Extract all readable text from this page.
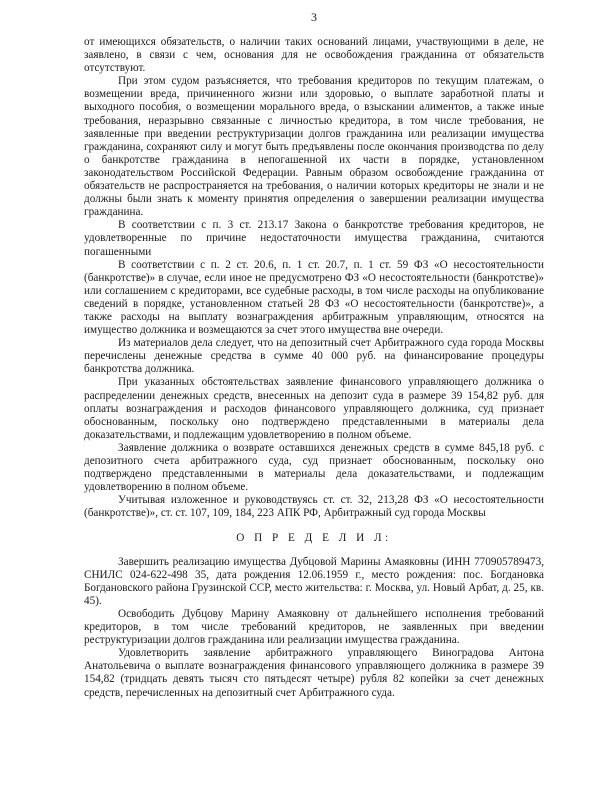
3

от имеющихся обязательств, о наличии таких оснований лицами, участвующими в деле, не заявлено, в связи с чем, основания для не освобождения гражданина от обязательств отсутствуют.

При этом судом разъясняется, что требования кредиторов по текущим платежам, о возмещении вреда, причиненного жизни или здоровью, о выплате заработной платы и выходного пособия, о возмещении морального вреда, о взыскании алиментов, а также иные требования, неразрывно связанные с личностью кредитора, в том числе требования, не заявленные при введении реструктуризации долгов гражданина или реализации имущества гражданина, сохраняют силу и могут быть предъявлены после окончания производства по делу о банкротстве гражданина в непогашенной их части в порядке, установленном законодательством Российской Федерации. Равным образом освобождение гражданина от обязательств не распространяется на требования, о наличии которых кредиторы не знали и не должны были знать к моменту принятия определения о завершении реализации имущества гражданина.

В соответствии с п. 3 ст. 213.17 Закона о банкротстве требования кредиторов, не удовлетворенные по причине недостаточности имущества гражданина, считаются погашенными

В соответствии с п. 2 ст. 20.6, п. 1 ст. 20.7, п. 1 ст. 59 ФЗ «О несостоятельности (банкротстве)» в случае, если иное не предусмотрено ФЗ «О несостоятельности (банкротстве)» или соглашением с кредиторами, все судебные расходы, в том числе расходы на опубликование сведений в порядке, установленном статьей 28 ФЗ «О несостоятельности (банкротстве)», а также расходы на выплату вознаграждения арбитражным управляющим, относятся на имущество должника и возмещаются за счет этого имущества вне очереди.

Из материалов дела следует, что на депозитный счет Арбитражного суда города Москвы перечислены денежные средства в сумме 40 000 руб. на финансирование процедуры банкротства должника.

При указанных обстоятельствах заявление финансового управляющего должника о распределении денежных средств, внесенных на депозит суда в размере 39 154,82 руб. для оплаты вознаграждения и расходов финансового управляющего должника, суд признает обоснованным, поскольку оно подтверждено представленными в материалы дела доказательствами, и подлежащим удовлетворению в полном объеме.

Заявление должника о возврате оставшихся денежных средств в сумме 845,18 руб. с депозитного счета арбитражного суда, суд признает обоснованным, поскольку оно подтверждено представленными в материалы дела доказательствами, и подлежащим удовлетворению в полном объеме.

Учитывая изложенное и руководствуясь ст. ст. 32, 213,28 ФЗ «О несостоятельности (банкротстве)», ст. ст. 107, 109, 184, 223 АПК РФ, Арбитражный суд города Москвы

О П Р Е Д Е Л И Л:

Завершить реализацию имущества Дубцовой Марины Амаяковны (ИНН 770905789473, СНИЛС 024-622-498 35, дата рождения 12.06.1959 г., место рождения: пос. Богдановка Богдановского района Грузинской ССР, место жительства: г. Москва, ул. Новый Арбат, д. 25, кв. 45).

Освободить Дубцову Марину Амаяковну от дальнейшего исполнения требований кредиторов, в том числе требований кредиторов, не заявленных при введении реструктуризации долгов гражданина или реализации имущества гражданина.

Удовлетворить заявление арбитражного управляющего Виноградова Антона Анатольевича о выплате вознаграждения финансового управляющего должника в размере 39 154,82 (тридцать девять тысяч сто пятьдесят четыре) рубля 82 копейки за счет денежных средств, перечисленных на депозитный счет Арбитражного суда.
